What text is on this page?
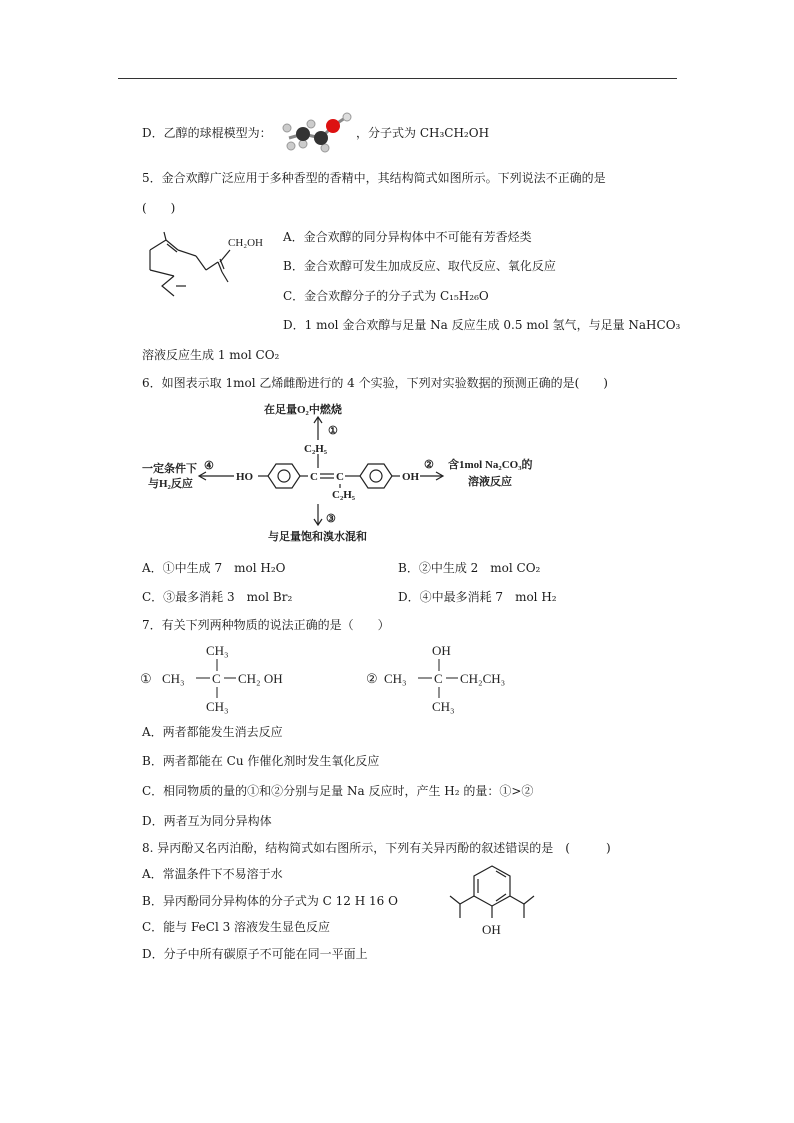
D．乙醇的球棍模型为：	，分子式为 CH₃CH₂OH
5．金合欢醇广泛应用于多种香型的香精中，其结构简式如图所示。下列说法不正确的是
(　　)
CH₂OH A．金合欢醇的同分异构体中不可能有芳香烃类
B．金合欢醇可发生加成反应、取代反应、氧化反应
C．金合欢醇分子的分子式为 C₁₅H₂₆O
D．1 mol 金合欢醇与足量 Na 反应生成 0.5 mol 氢气，与足量 NaHCO₃
溶液反应生成 1 mol CO₂
6．如图表示取 1mol 乙烯雌酚进行的 4 个实验，下列对实验数据的预测正确的是(　　)
在足量O₂中燃烧
①
C₂H₅
一定条件下
与H₂反应
④
HO	C C	OH
② 含1mol Na₂CO₃的
溶液反应
C₂H₅
③
与足量饱和溴水混和
A．①中生成 7　mol H₂O	B．②中生成 2　mol CO₂
C．③最多消耗 3　mol Br₂	D．④中最多消耗 7　mol H₂
7．有关下列两种物质的说法正确的是（　　）
①
CH₃
CH₃ C CH₂ OH
CH₃
②
OH
CH₃ C CH₂CH₃
CH₃
A．两者都能发生消去反应
B．两者都能在 Cu 作催化剂时发生氧化反应
C．相同物质的量的①和②分别与足量 Na 反应时，产生 H₂ 的量：①>②
D．两者互为同分异构体
8. 异丙酚又名丙泊酚，结构简式如右图所示，下列有关异丙酚的叙述错误的是　(　　　)
A．常温条件下不易溶于水
B．异丙酚同分异构体的分子式为 C 12 H 16 O
C．能与 FeCl 3 溶液发生显色反应
D．分子中所有碳原子不可能在同一平面上
OH
